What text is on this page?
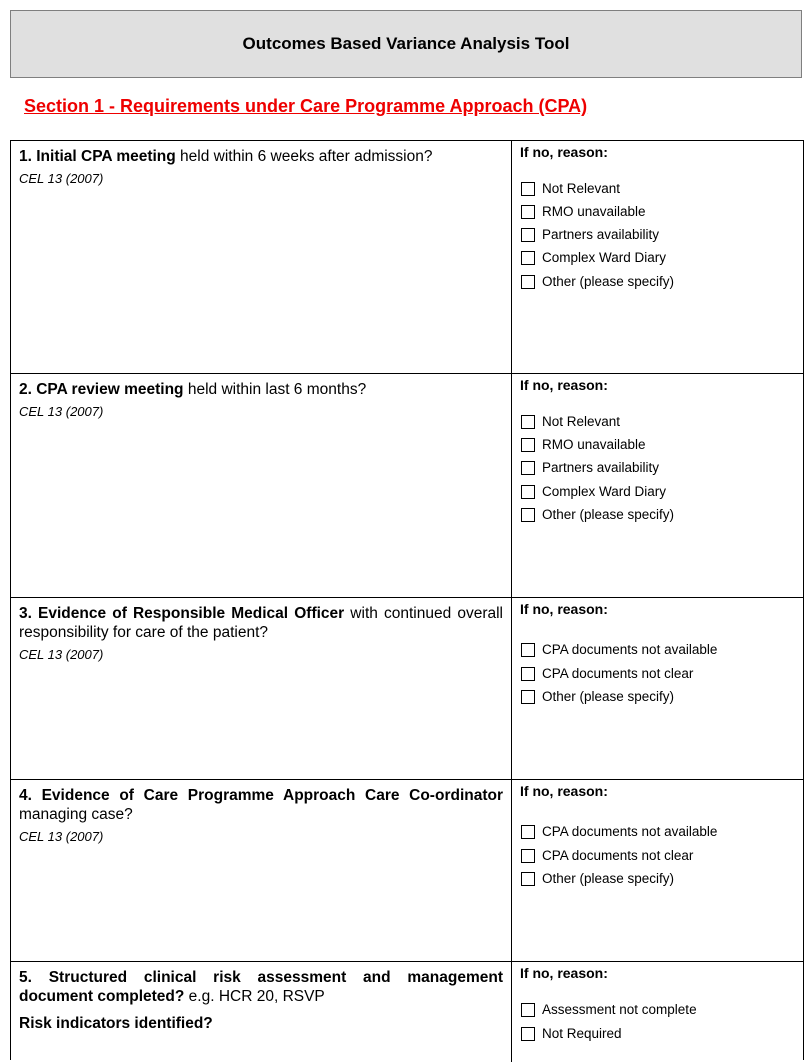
Outcomes Based Variance Analysis Tool
Section 1 - Requirements under Care Programme Approach (CPA)
1. Initial CPA meeting held within 6 weeks after admission?
CEL 13 (2007)
If no, reason:
Not Relevant
RMO unavailable
Partners availability
Complex Ward Diary
Other (please specify)
2. CPA review meeting held within last 6 months?
CEL 13 (2007)
If no, reason:
Not Relevant
RMO unavailable
Partners availability
Complex Ward Diary
Other (please specify)
3. Evidence of Responsible Medical Officer with continued overall responsibility for care of the patient?
CEL 13 (2007)
If no, reason:
CPA documents not available
CPA documents not clear
Other (please specify)
4. Evidence of Care Programme Approach Care Co-ordinator managing case?
CEL 13 (2007)
If no, reason:
CPA documents not available
CPA documents not clear
Other (please specify)
5. Structured clinical risk assessment and management document completed? e.g. HCR 20, RSVP
Risk indicators identified?
If no, reason:
Assessment not complete
Not Required
